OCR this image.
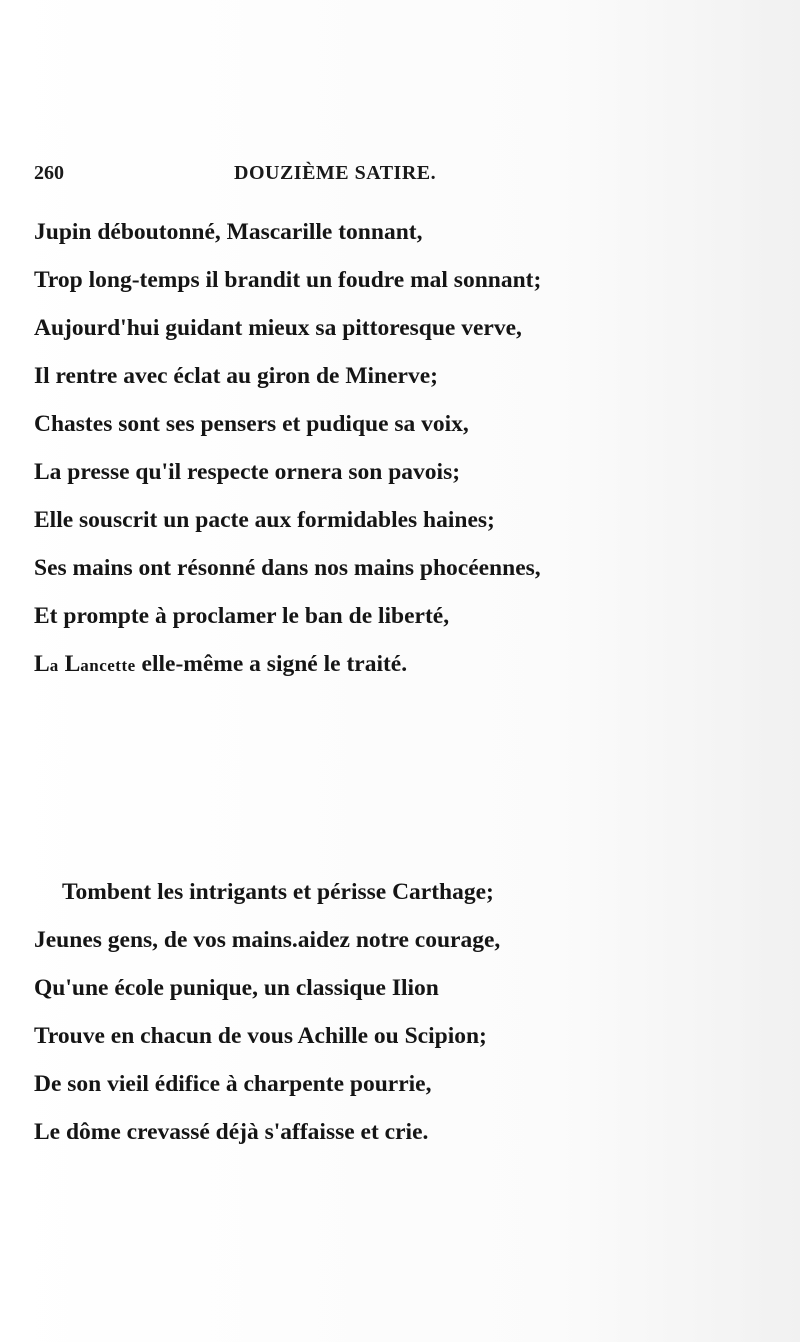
260	DOUZIÈME SATIRE.
Jupin déboutonné, Mascarille tonnant,
Trop long-temps il brandit un foudre mal sonnant;
Aujourd'hui guidant mieux sa pittoresque verve,
Il rentre avec éclat au giron de Minerve;
Chastes sont ses pensers et pudique sa voix,
La presse qu'il respecte ornera son pavois;
Elle souscrit un pacte aux formidables haines;
Ses mains ont résonné dans nos mains phocéennes,
Et prompte à proclamer le ban de liberté,
La Lancette elle-même a signé le traité.
Tombent les intrigants et périsse Carthage;
Jeunes gens, de vos mains.aidez notre courage,
Qu'une école punique, un classique Ilion
Trouve en chacun de vous Achille ou Scipion;
De son vieil édifice à charpente pourrie,
Le dôme crevassé déjà s'affaisse et crie.
